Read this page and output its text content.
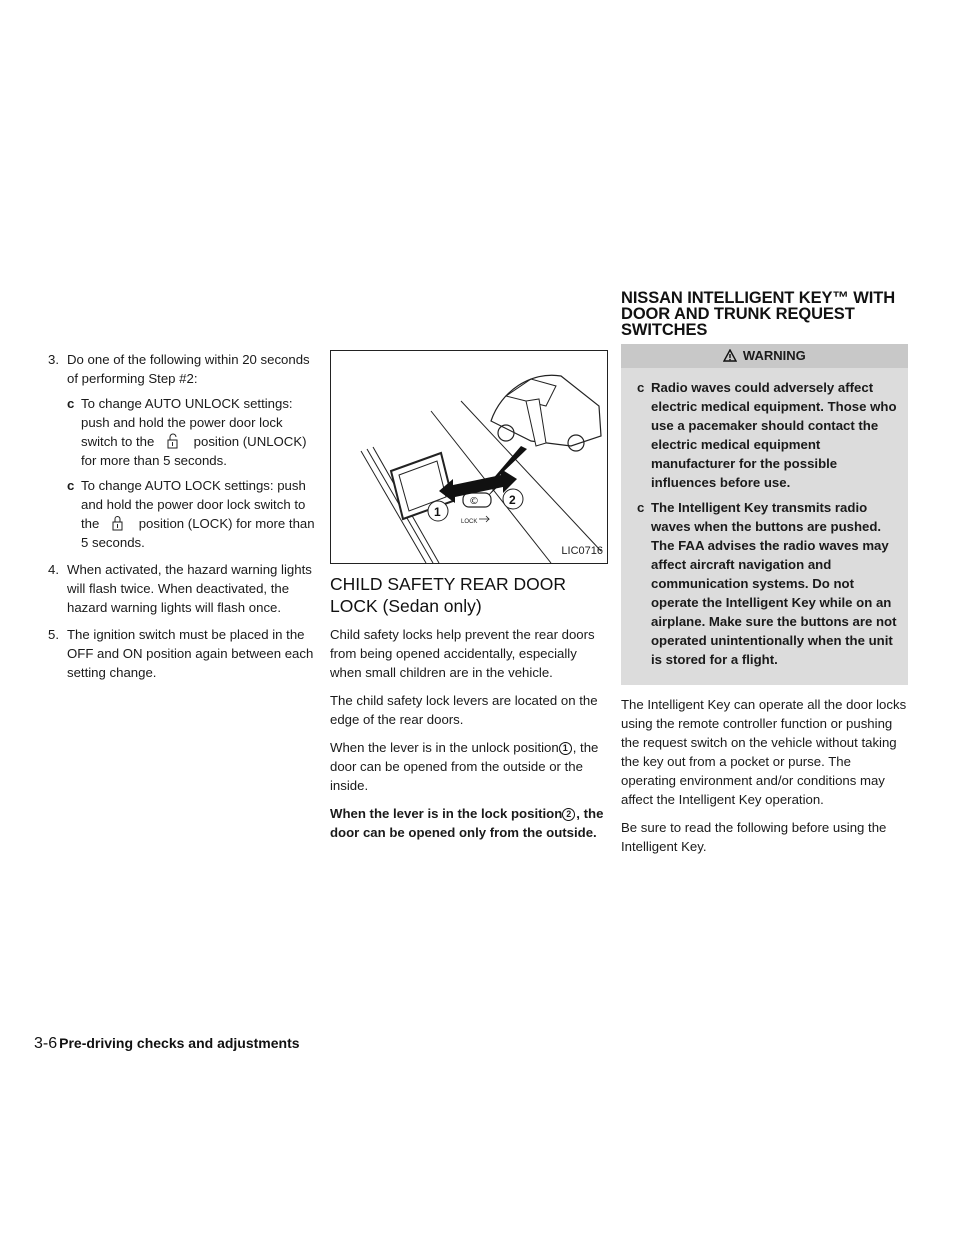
3. Do one of the following within 20 seconds of performing Step #2:
c To change AUTO UNLOCK settings: push and hold the power door lock switch to the	position (UNLOCK) for more than 5 seconds.
c To change AUTO LOCK settings: push and hold the power door lock switch to the	position (LOCK) for more than 5 seconds.
4. When activated, the hazard warning lights will flash twice. When deactivated, the hazard warning lights will flash once.
5. The ignition switch must be placed in the OFF and ON position again between each setting change.
©
1
2
LOCK
LIC0716
CHILD SAFETY REAR DOOR LOCK (Sedan only)

Child safety locks help prevent the rear doors from being opened accidentally, especially when small children are in the vehicle.

The child safety lock levers are located on the edge of the rear doors.

When the lever is in the unlock position 1 , the door can be opened from the outside or the inside.

When the lever is in the lock position 2 , the door can be opened only from the outside.

NISSAN INTELLIGENT KEY™ WITH DOOR AND TRUNK REQUEST SWITCHES
WARNING
c Radio waves could adversely affect electric medical equipment. Those who use a pacemaker should contact the electric medical equipment manufacturer for the possible influences before use.
c The Intelligent Key transmits radio waves when the buttons are pushed. The FAA advises the radio waves may affect aircraft navigation and communication systems. Do not operate the Intelligent Key while on an airplane. Make sure the buttons are not operated unintentionally when the unit is stored for a flight.

The Intelligent Key can operate all the door locks using the remote controller function or pushing the request switch on the vehicle without taking the key out from a pocket or purse. The operating environment and/or conditions may affect the Intelligent Key operation.

Be sure to read the following before using the Intelligent Key.

3-6 Pre-driving checks and adjustments
